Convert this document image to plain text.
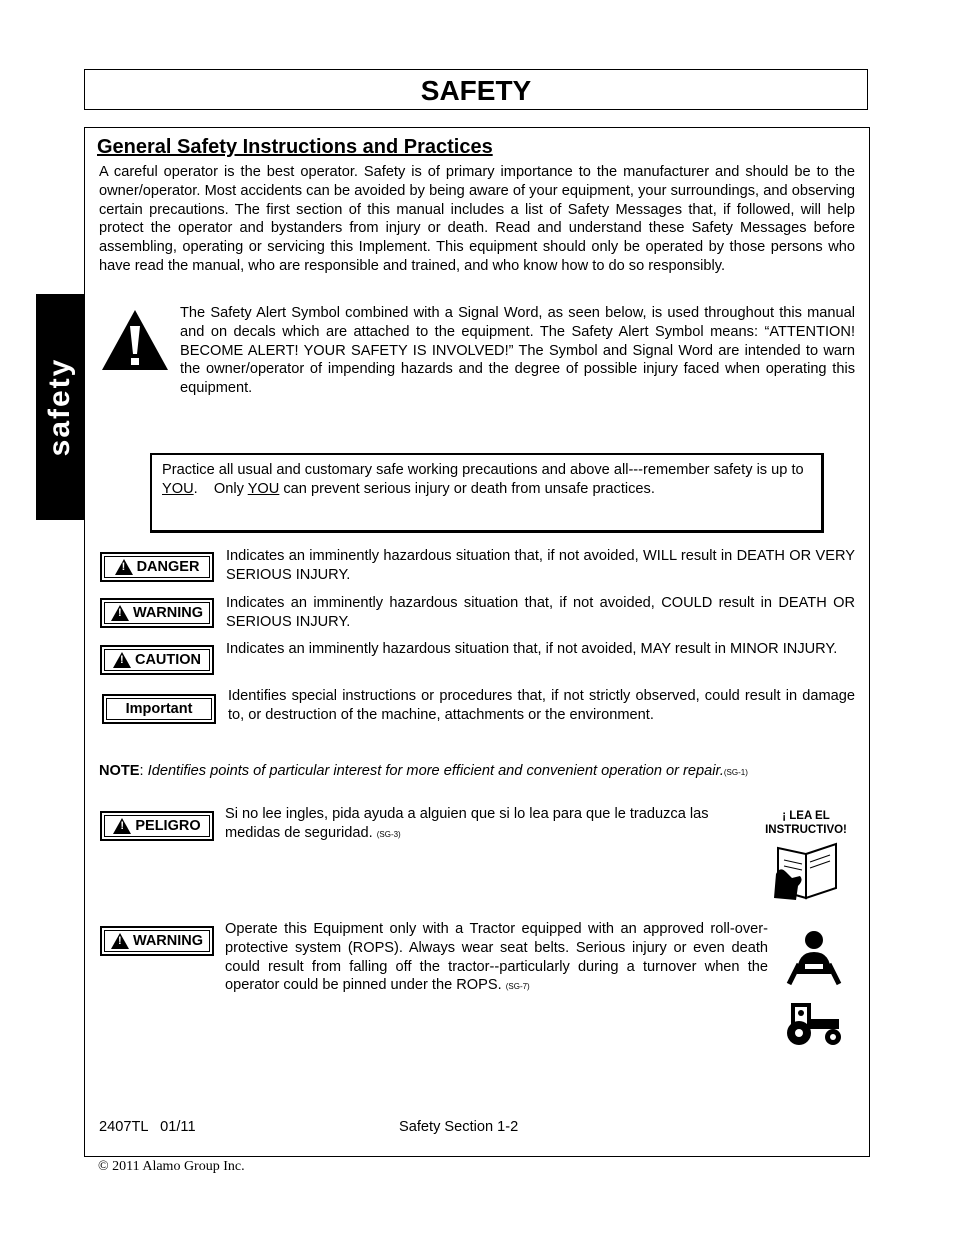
SAFETY
safety
General Safety Instructions and Practices
A careful operator is the best operator. Safety is of primary importance to the manufacturer and should be to the owner/operator. Most accidents can be avoided by being aware of your equipment, your surroundings, and observing certain precautions. The first section of this manual includes a list of Safety Messages that, if followed, will help protect the operator and bystanders from injury or death. Read and understand these Safety Messages before assembling, operating or servicing this Implement. This equipment should only be operated by those persons who have read the manual, who are responsible and trained, and who know how to do so responsibly.
The Safety Alert Symbol combined with a Signal Word, as seen below, is used throughout this manual and on decals which are attached to the equipment. The Safety Alert Symbol means: “ATTENTION! BECOME ALERT! YOUR SAFETY IS INVOLVED!” The Symbol and Signal Word are intended to warn the owner/operator of impending hazards and the degree of possible injury faced when operating this equipment.
Practice all usual and customary safe working precautions and above all---remember safety is up to YOU.    Only YOU can prevent serious injury or death from unsafe practices.
!
DANGER
Indicates an imminently hazardous situation that, if not avoided, WILL result in DEATH OR VERY SERIOUS INJURY.
!
WARNING
Indicates an imminently hazardous situation that, if not avoided, COULD result in DEATH OR SERIOUS INJURY.
!
CAUTION
Indicates an imminently hazardous situation that, if not avoided, MAY result in MINOR INJURY.
Important
Identifies special instructions or procedures that, if not strictly observed, could result in damage to, or destruction of the machine, attachments or the environment.
NOTE: Identifies points of particular interest for more efficient and convenient operation or repair.(SG-1)
!
PELIGRO
Si no lee ingles, pida ayuda a alguien que si lo lea para que le traduzca las medidas de seguridad. (SG-3)
¡ LEA EL
INSTRUCTIVO!
!
WARNING
Operate this Equipment only with a Tractor equipped with an approved roll-over-protective system (ROPS). Always wear seat belts. Serious injury or even death could result from falling off the tractor--particularly during a turnover when the operator could be pinned under the ROPS. (SG-7)
2407TL   01/11	Safety Section 1-2
© 2011 Alamo Group Inc.
